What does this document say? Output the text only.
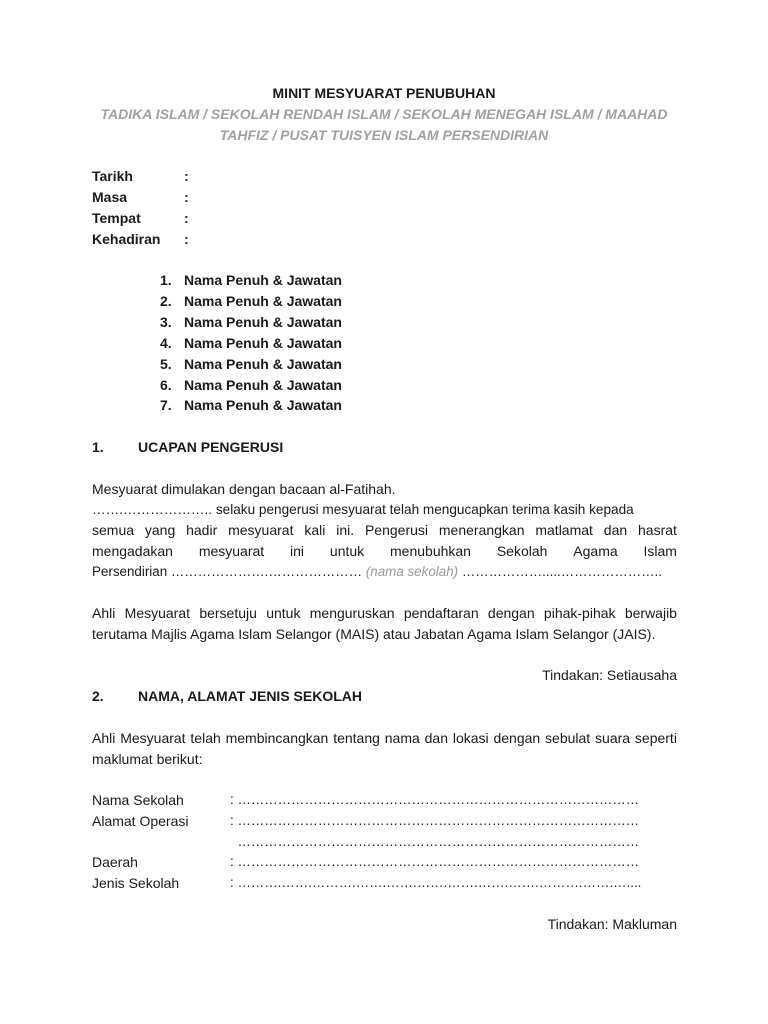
MINIT MESYUARAT PENUBUHAN
TADIKA ISLAM / SEKOLAH RENDAH ISLAM / SEKOLAH MENEGAH ISLAM / MAAHAD
TAHFIZ / PUSAT TUISYEN ISLAM PERSENDIRIAN
Tarikh	:
Masa	:
Tempat	:
Kehadiran :
1. Nama Penuh & Jawatan
2. Nama Penuh & Jawatan
3. Nama Penuh & Jawatan
4. Nama Penuh & Jawatan
5. Nama Penuh & Jawatan
6. Nama Penuh & Jawatan
7. Nama Penuh & Jawatan
1. UCAPAN PENGERUSI
Mesyuarat dimulakan dengan bacaan al-Fatihah.
…….……………….. selaku pengerusi mesyuarat telah mengucapkan terima kasih kepada
semua yang hadir mesyuarat kali ini. Pengerusi menerangkan matlamat dan hasrat
mengadakan mesyuarat ini untuk menubuhkan Sekolah Agama Islam
Persendirian ………………….………………… (nama sekolah) ……………….....…………………..
Ahli Mesyuarat bersetuju untuk menguruskan pendaftaran dengan pihak-pihak berwajib
terutama Majlis Agama Islam Selangor (MAIS) atau Jabatan Agama Islam Selangor (JAIS).
Tindakan: Setiausaha
2. NAMA, ALAMAT JENIS SEKOLAH
Ahli Mesyuarat telah membincangkan tentang nama dan lokasi dengan sebulat suara seperti
maklumat berikut:
Nama Sekolah	: ………………………………………………………………………………
Alamat Operasi	: ………………………………………………………………………………
………………………………………………………………………………
Daerah	: ………………………………………………………………………………
Jenis Sekolah	: ……….…….……….…….…….…….…….…….…….……….…….…....
Tindakan: Makluman
